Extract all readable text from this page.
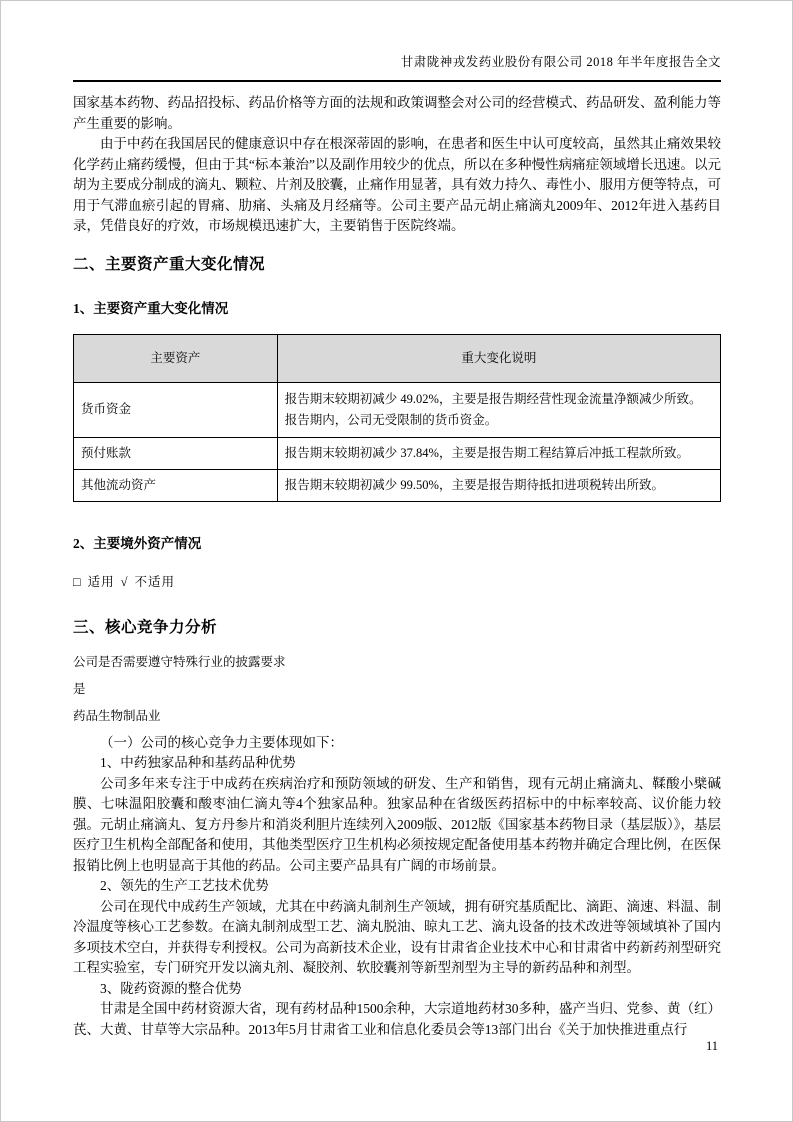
甘肃陇神戎发药业股份有限公司 2018 年半年度报告全文

国家基本药物、药品招投标、药品价格等方面的法规和政策调整会对公司的经营模式、药品研发、盈利能力等产生重要的影响。

由于中药在我国居民的健康意识中存在根深蒂固的影响，在患者和医生中认可度较高，虽然其止痛效果较化学药止痛药缓慢，但由于其“标本兼治”以及副作用较少的优点，所以在多种慢性病痛症领域增长迅速。以元胡为主要成分制成的滴丸、颗粒、片剂及胶囊，止痛作用显著，具有效力持久、毒性小、服用方便等特点，可用于气滞血瘀引起的胃痛、肋痛、头痛及月经痛等。公司主要产品元胡止痛滴丸2009年、2012年进入基药目录，凭借良好的疗效，市场规模迅速扩大，主要销售于医院终端。

二、主要资产重大变化情况
1、主要资产重大变化情况
主要资产	重大变化说明
货币资金	报告期末较期初减少 49.02%，主要是报告期经营性现金流量净额减少所致。报告期内，公司无受限制的货币资金。
预付账款	报告期末较期初减少 37.84%，主要是报告期工程结算后冲抵工程款所致。
其他流动资产	报告期末较期初减少 99.50%，主要是报告期待抵扣进项税转出所致。
2、主要境外资产情况
□ 适用 √ 不适用
三、核心竞争力分析
公司是否需要遵守特殊行业的披露要求
是
药品生物制品业

（一）公司的核心竞争力主要体现如下：

1、中药独家品种和基药品种优势

公司多年来专注于中成药在疾病治疗和预防领域的研发、生产和销售，现有元胡止痛滴丸、鞣酸小檗碱膜、七味温阳胶囊和酸枣油仁滴丸等4个独家品种。独家品种在省级医药招标中的中标率较高、议价能力较强。元胡止痛滴丸、复方丹参片和消炎利胆片连续列入2009版、2012版《国家基本药物目录（基层版）》，基层医疗卫生机构全部配备和使用，其他类型医疗卫生机构必须按规定配备使用基本药物并确定合理比例，在医保报销比例上也明显高于其他的药品。公司主要产品具有广阔的市场前景。

2、领先的生产工艺技术优势

公司在现代中成药生产领域，尤其在中药滴丸制剂生产领域，拥有研究基质配比、滴距、滴速、料温、制冷温度等核心工艺参数。在滴丸制剂成型工艺、滴丸脱油、晾丸工艺、滴丸设备的技术改进等领域填补了国内多项技术空白，并获得专利授权。公司为高新技术企业，设有甘肃省企业技术中心和甘肃省中药新药剂型研究工程实验室，专门研究开发以滴丸剂、凝胶剂、软胶囊剂等新型剂型为主导的新药品种和剂型。

3、陇药资源的整合优势

甘肃是全国中药材资源大省，现有药材品种1500余种，大宗道地药材30多种，盛产当归、党参、黄（红）芪、大黄、甘草等大宗品种。2013年5月甘肃省工业和信息化委员会等13部门出台《关于加快推进重点行

11
